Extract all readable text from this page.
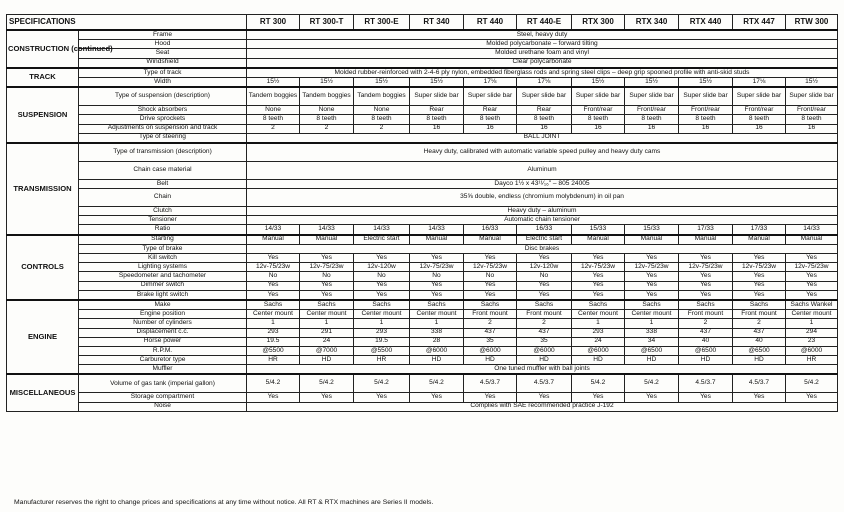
SPECIFICATIONS		RT 300	RT 300-T	RT 300-E	RT 340	RT 440	RT 440-E	RTX 300	RTX 340	RTX 440	RTX 447	RTW 300
CONSTRUCTION (continued)	Frame	Steel, heavy duty										
	Hood	Molded polycarbonate – forward tilting										
	Seat	Molded urethane foam and vinyl										
	Windshield	Clear polycarbonate										
TRACK	Type of track	Molded rubber-reinforced with 2-4-6 ply nylon, embedded fiberglass rods and spring steel clips – deep grip spooned profile with anti-skid studs										
	Width	15½	15½	15½	15½	17⅛	17⅛	15½	15½	15½	17⅛	15½
SUSPENSION	Type of suspension (description)	Tandem boggies	Tandem boggies	Tandem boggies	Super slide bar	Super slide bar	Super slide bar	Super slide bar	Super slide bar	Super slide bar	Super slide bar	Super slide bar
	Shock absorbers	None	None	None	Rear	Rear	Rear	Front/rear	Front/rear	Front/rear	Front/rear	Front/rear
	Drive sprockets	8 teeth	8 teeth	8 teeth	8 teeth	8 teeth	8 teeth	8 teeth	8 teeth	8 teeth	8 teeth	8 teeth
	Adjustments on suspension and track	2	2	2	16	16	16	16	16	16	16	16
	Type of steering	BALL JOINT										
TRANSMISSION	Type of transmission (description)	Heavy duty, calibrated with automatic variable speed pulley and heavy duty cams										
	Chain case material	Aluminum										
	Belt	Dayco 1½ x 43¹¹⁄₁₆" – 805 24005										
	Chain	35⅝ double, endless (chromium molybdenum) in oil pan										
	Clutch	Heavy duty – aluminum										
	Tensioner	Automatic chain tensioner										
	Ratio	14/33	14/33	14/33	14/33	16/33	16/33	15/33	15/33	17/33	17/33	14/33
CONTROLS	Starting	Manual	Manual	Electric start	Manual	Manual	Electric start	Manual	Manual	Manual	Manual	Manual
	Type of brake	Disc brakes										
	Kill switch	Yes	Yes	Yes	Yes	Yes	Yes	Yes	Yes	Yes	Yes	Yes
	Lighting systems	12v-75/23w	12v-75/23w	12v-120w	12v-75/23w	12v-75/23w	12v-120w	12v-75/23w	12v-75/23w	12v-75/23w	12v-75/23w	12v-75/23w
	Speedometer and tachometer	No	No	No	No	No	No	Yes	Yes	Yes	Yes	Yes
	Dimmer switch	Yes	Yes	Yes	Yes	Yes	Yes	Yes	Yes	Yes	Yes	Yes
	Brake light switch	Yes	Yes	Yes	Yes	Yes	Yes	Yes	Yes	Yes	Yes	Yes
ENGINE	Make	Sachs	Sachs	Sachs	Sachs	Sachs	Sachs	Sachs	Sachs	Sachs	Sachs	Sachs Wankel
	Engine position	Center mount	Center mount	Center mount	Center mount	Front mount	Front mount	Center mount	Center mount	Front mount	Front mount	Center mount
	Number of cylinders	1	1	1	1	2	2	1	1	2	2	1
	Displacement c.c.	293	291	293	338	437	437	293	338	437	437	294
	Horse power	19.5	24	19.5	28	35	35	24	34	40	40	23
	R.P.M.	@5500	@7000	@5500	@6000	@6000	@6000	@6000	@6500	@6500	@6500	@6000
	Carburetor type	HR	HD	HR	HD	HD	HD	HD	HD	HD	HD	HR
	Muffler	One tuned muffler with ball joints										
MISCELLANEOUS	Volume of gas tank (imperial gallon)	5/4.2	5/4.2	5/4.2	5/4.2	4.5/3.7	4.5/3.7	5/4.2	5/4.2	4.5/3.7	4.5/3.7	5/4.2
	Storage compartment	Yes	Yes	Yes	Yes	Yes	Yes	Yes	Yes	Yes	Yes	Yes
	Noise	Complies with SAE recommended practice J-192										
Manufacturer reserves the right to change prices and specifications at any time without notice. All RT & RTX machines are Series II models.
